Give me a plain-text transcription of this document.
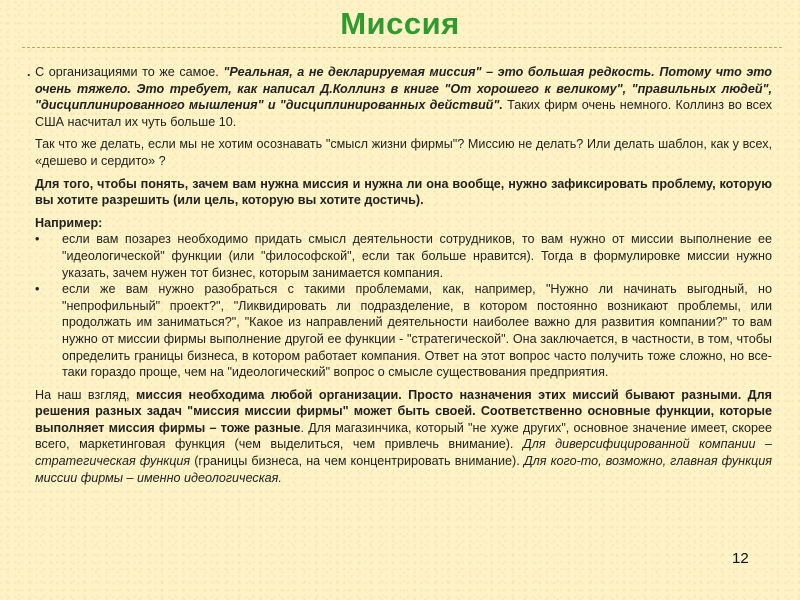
Миссия

. С организациями то же самое. "Реальная, а не декларируемая миссия" – это большая редкость. Потому что это очень тяжело. Это требует, как написал Д.Коллинз в книге "От хорошего к великому", "правильных людей", "дисциплинированного мышления" и "дисциплинированных действий". Таких фирм очень немного. Коллинз во всех США насчитал их чуть больше 10.

Так что же делать, если мы не хотим осознавать "смысл жизни фирмы"? Миссию не делать? Или делать шаблон, как у всех, «дешево и сердито» ?

Для того, чтобы понять, зачем вам нужна миссия и нужна ли она вообще, нужно зафиксировать проблему, которую вы хотите разрешить (или цель, которую вы хотите достичь).

Например:

• если вам позарез необходимо придать смысл деятельности сотрудников, то вам нужно от миссии выполнение ее "идеологической" функции (или "философской", если так больше нравится). Тогда в формулировке миссии нужно указать, зачем нужен тот бизнес, которым занимается компания.
• если же вам нужно разобраться с такими проблемами, как, например, "Нужно ли начинать выгодный, но "непрофильный" проект?", "Ликвидировать ли подразделение, в котором постоянно возникают проблемы, или продолжать им заниматься?", "Какое из направлений деятельности наиболее важно для развития компании?" то вам нужно от миссии фирмы выполнение другой ее функции - "стратегической". Она заключается, в частности, в том, чтобы определить границы бизнеса, в котором работает компания. Ответ на этот вопрос часто получить тоже сложно, но все-таки гораздо проще, чем на "идеологический" вопрос о смысле существования предприятия.

На наш взгляд, миссия необходима любой организации. Просто назначения этих миссий бывают разными. Для решения разных задач "миссия миссии фирмы" может быть своей. Соответственно основные функции, которые выполняет миссия фирмы – тоже разные. Для магазинчика, который "не хуже других", основное значение имеет, скорее всего, маркетинговая функция (чем выделиться, чем привлечь внимание). Для диверсифицированной компании – стратегическая функция (границы бизнеса, на чем концентрировать внимание). Для кого-то, возможно, главная функция миссии фирмы – именно идеологическая.

12
